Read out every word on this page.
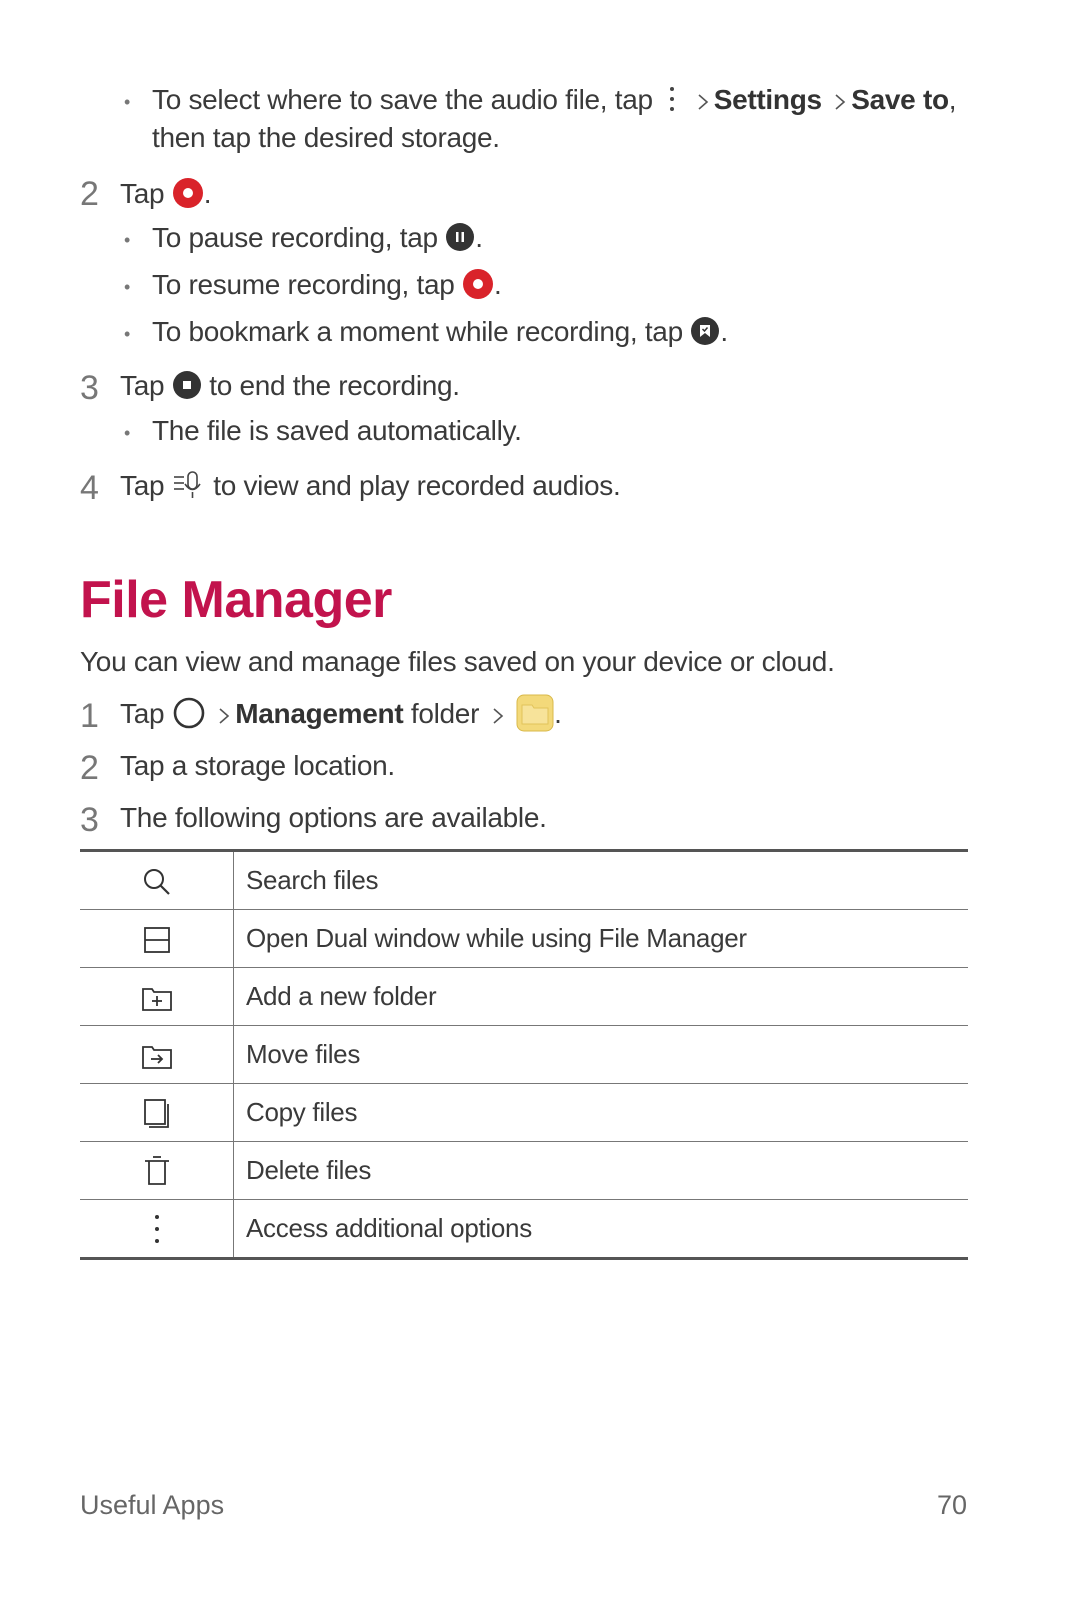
• To select where to save the audio file, tap Settings Save to,
then tap the desired storage.
2 Tap .
• To pause recording, tap .
• To resume recording, tap .
• To bookmark a moment while recording, tap .
3 Tap to end the recording.
• The file is saved automatically.
4 Tap to view and play recorded audios.
File Manager
You can view and manage files saved on your device or cloud.
1 Tap	Management folder	.
2 Tap a storage location.
3 The following options are available.
	Search files
	Open Dual window while using File Manager
	Add a new folder
	Move files
	Copy files
	Delete files
	Access additional options
Useful Apps	70
